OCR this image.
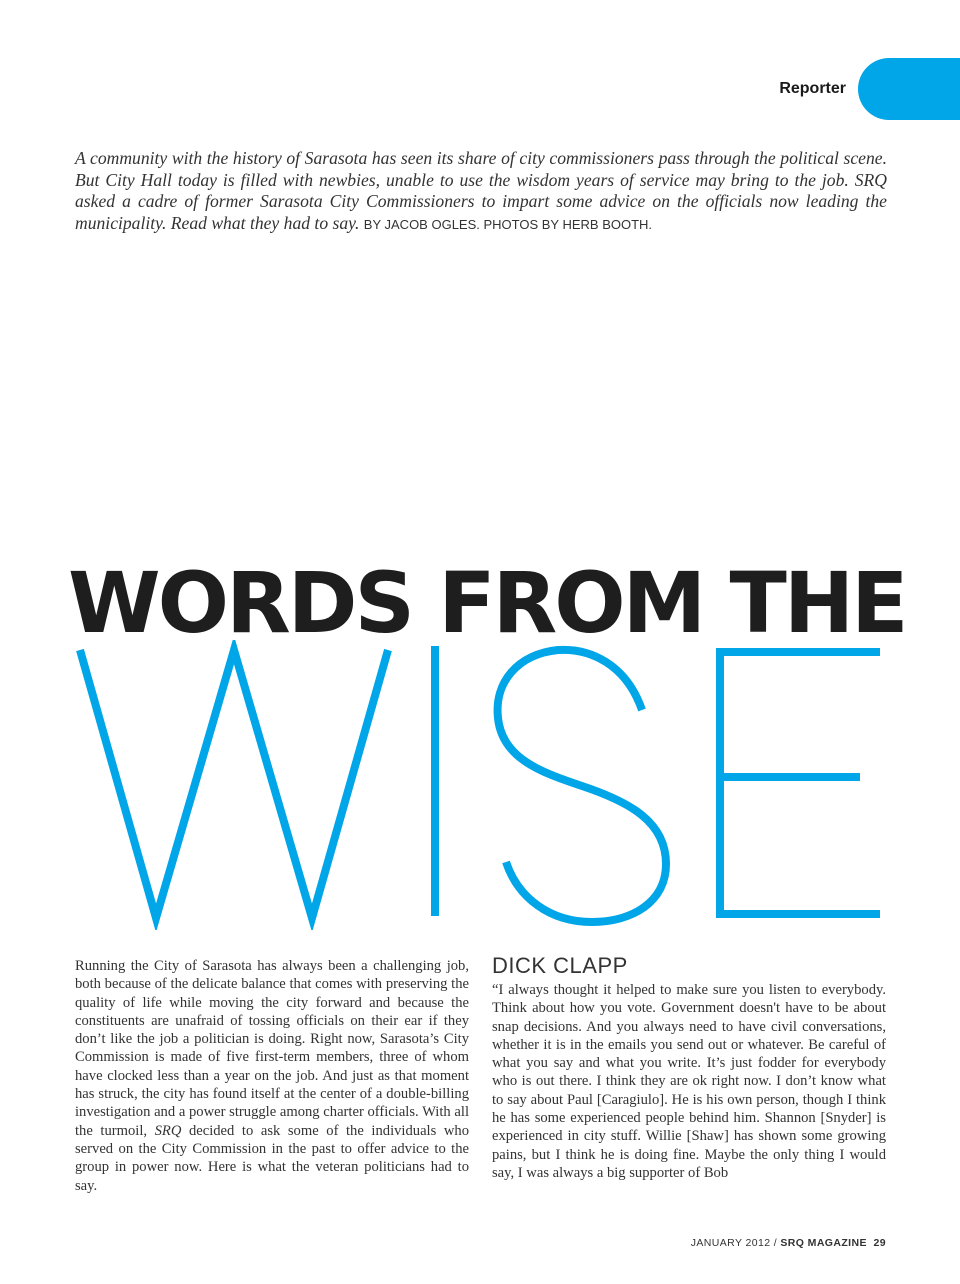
Reporter

A community with the history of Sarasota has seen its share of city commissioners pass through the political scene. But City Hall today is filled with newbies, unable to use the wisdom years of service may bring to the job. SRQ asked a cadre of former Sarasota City Commissioners to impart some advice on the officials now leading the municipality. Read what they had to say. BY JACOB OGLES. PHOTOS BY HERB BOOTH.

WORDS FROM THE

Running the City of Sarasota has always been a challenging job, both because of the delicate balance that comes with preserving the quality of life while moving the city forward and because the constituents are unafraid of tossing officials on their ear if they don’t like the job a politician is doing. Right now, Sarasota’s City Commission is made of five first-term members, three of whom have clocked less than a year on the job. And just as that moment has struck, the city has found itself at the center of a double-billing investigation and a power struggle among charter officials. With all the turmoil, SRQ decided to ask some of the individuals who served on the City Commission in the past to offer advice to the group in power now. Here is what the veteran politicians had to say.

DICK CLAPP

“I always thought it helped to make sure you listen to everybody. Think about how you vote. Government doesn't have to be about snap decisions. And you always need to have civil conversations, whether it is in the emails you send out or whatever. Be careful of what you say and what you write. It’s just fodder for everybody who is out there. I think they are ok right now. I don’t know what to say about Paul [Caragiulo]. He is his own person, though I think he has some experienced people behind him. Shannon [Snyder] is experienced in city stuff. Willie [Shaw] has shown some growing pains, but I think he is doing fine. Maybe the only thing I would say, I was always a big supporter of Bob

JANUARY 2012 / SRQ MAGAZINE 29
